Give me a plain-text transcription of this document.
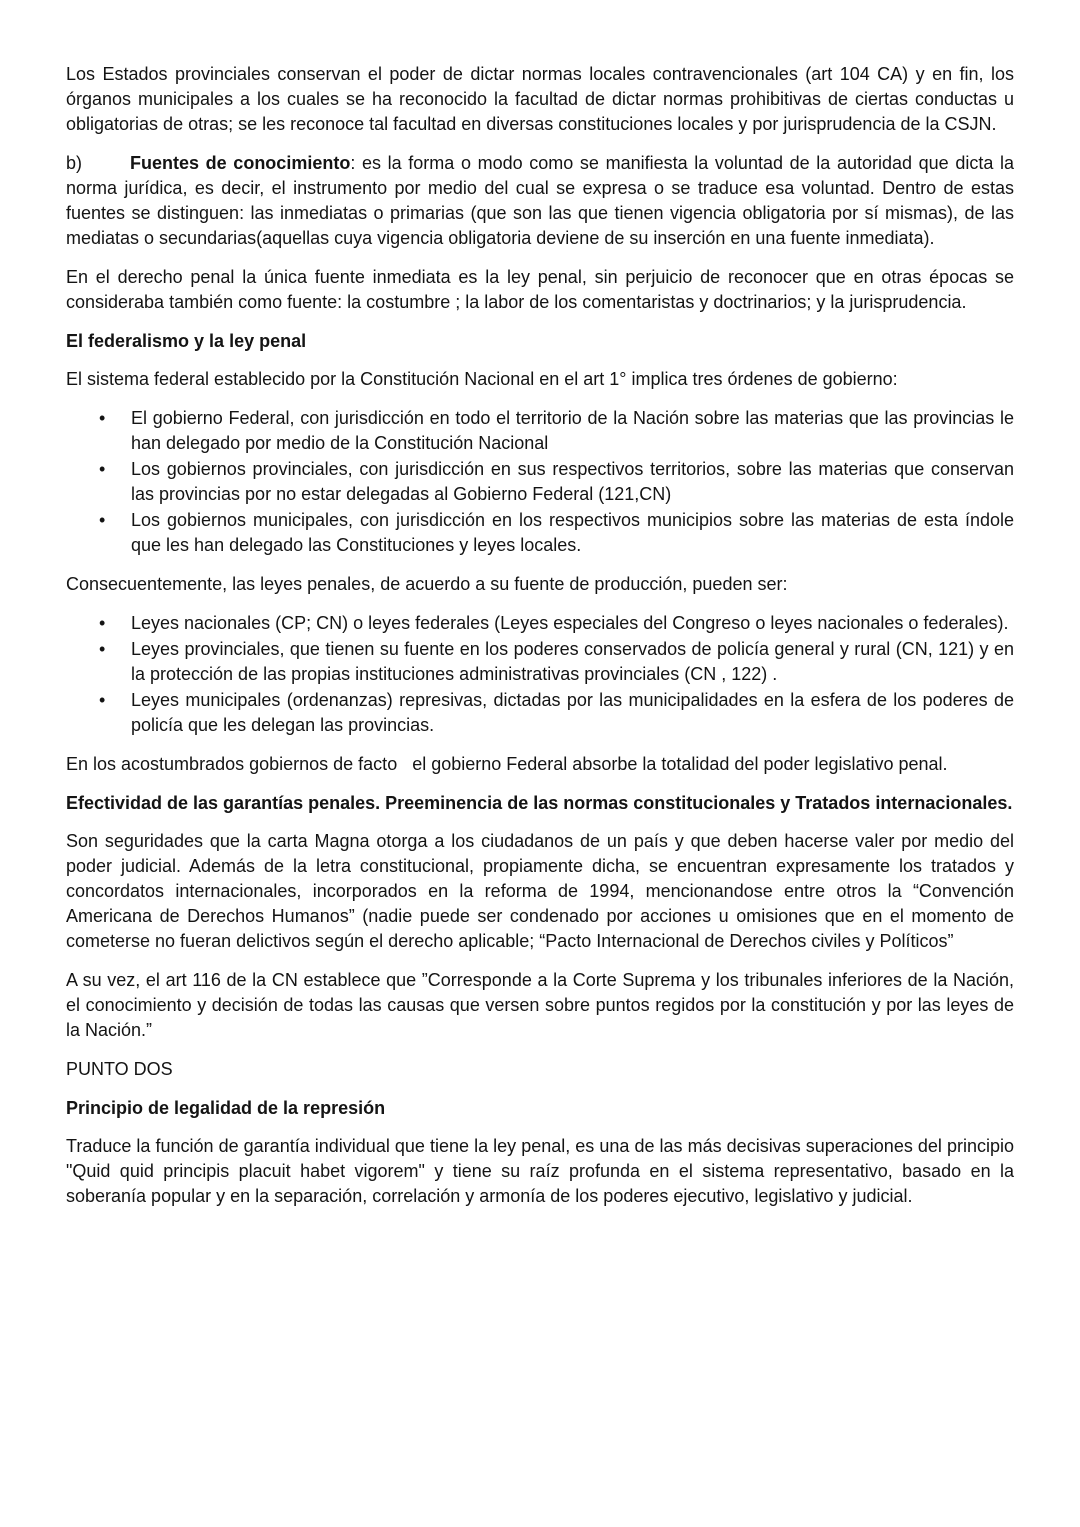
Los Estados provinciales conservan el poder de dictar normas locales contravencionales (art 104 CA) y en fin, los órganos municipales a los cuales se ha reconocido la facultad de dictar normas prohibitivas de ciertas conductas u obligatorias de otras; se les reconoce tal facultad en diversas constituciones locales y por jurisprudencia de la CSJN.

b)	Fuentes de conocimiento: es la forma o modo como se manifiesta la voluntad de la autoridad que dicta la norma jurídica, es decir, el instrumento por medio del cual se expresa o se traduce esa voluntad. Dentro de estas fuentes se distinguen: las inmediatas o primarias (que son las que tienen vigencia obligatoria por sí mismas), de las mediatas o secundarias(aquellas cuya vigencia obligatoria deviene de su inserción en una fuente inmediata).

En el derecho penal la única fuente inmediata es la ley penal, sin perjuicio de reconocer que en otras épocas se consideraba también como fuente: la costumbre ; la labor de los comentaristas y doctrinarios; y la jurisprudencia.

El federalismo y la ley penal

El sistema federal establecido por la Constitución Nacional en el art 1° implica tres órdenes de gobierno:

• El gobierno Federal, con jurisdicción en todo el territorio de la Nación sobre las materias que las provincias le han delegado por medio de la Constitución Nacional
• Los gobiernos provinciales, con jurisdicción en sus respectivos territorios, sobre las materias que conservan las provincias por no estar delegadas al Gobierno Federal (121,CN)
• Los gobiernos municipales, con jurisdicción en los respectivos municipios sobre las materias de esta índole que les han delegado las Constituciones y leyes locales.

Consecuentemente, las leyes penales, de acuerdo a su fuente de producción, pueden ser:

• Leyes nacionales (CP; CN) o leyes federales (Leyes especiales del Congreso o leyes nacionales o federales).
• Leyes provinciales, que tienen su fuente en los poderes conservados de policía general y rural (CN, 121) y en la protección de las propias instituciones administrativas provinciales (CN , 122) .
• Leyes municipales (ordenanzas) represivas, dictadas por las municipalidades en la esfera de los poderes de policía que les delegan las provincias.

En los acostumbrados gobiernos de facto   el gobierno Federal absorbe la totalidad del poder legislativo penal.

Efectividad de las garantías penales. Preeminencia de las normas constitucionales y Tratados internacionales.

Son seguridades que la carta Magna otorga a los ciudadanos de un país y que deben hacerse valer por medio del poder judicial. Además de la letra constitucional, propiamente dicha, se encuentran expresamente los tratados y concordatos internacionales, incorporados en la reforma de 1994, mencionandose entre otros la “Convención Americana de Derechos Humanos” (nadie puede ser condenado por acciones u omisiones que en el momento de cometerse no fueran delictivos según el derecho aplicable; “Pacto Internacional de Derechos civiles y Políticos”

A su vez, el art 116 de la CN establece que ”Corresponde a la Corte Suprema y los tribunales inferiores de la Nación, el conocimiento y decisión de todas las causas que versen sobre puntos regidos por la constitución y por las leyes de la Nación.”

PUNTO DOS

Principio de legalidad de la represión

Traduce la función de garantía individual que tiene la ley penal, es una de las más decisivas superaciones del principio "Quid quid principis placuit habet vigorem" y tiene su raíz profunda en el sistema representativo, basado en la soberanía popular y en la separación, correlación y armonía de los poderes ejecutivo, legislativo y judicial.
